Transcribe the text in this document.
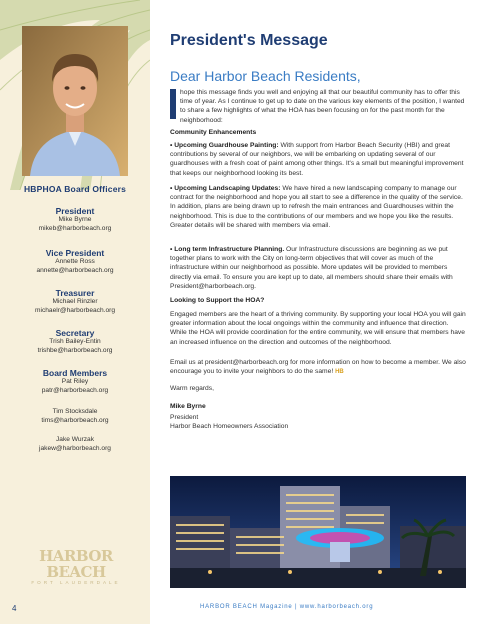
HBPHOA Board Officers
President
Mike Byrne
mikeb@harborbeach.org
Vice President
Annette Ross
annette@harborbeach.org
Treasurer
Michael Rinzler
michaelr@harborbeach.org
Secretary
Trish Bailey-Entin
trishbe@harborbeach.org
Board Members
Pat Riley
patr@harborbeach.org
Tim Stocksdale
tims@harborbeach.org
Jake Wurzak
jakew@harborbeach.org
HARBOR BEACH
FORT LAUDERDALE
4
President's Message
Dear Harbor Beach Residents,
hope this message finds you well and enjoying all that our beautiful community has to offer this time of year. As I continue to get up to date on the various key elements of the position, I wanted to share a few highlights of what the HOA has been focusing on for the past month for the neighborhood:
Community Enhancements
• Upcoming Guardhouse Painting: With support from Harbor Beach Security (HBI) and great contributions by several of our neighbors, we will be embarking on updating several of our guardhouses with a fresh coat of paint among other things. It's a small but meaningful improvement that keeps our neighborhood looking its best.
• Upcoming Landscaping Updates: We have hired a new landscaping company to manage our contract for the neighborhood and hope you all start to see a difference in the quality of the service. In addition, plans are being drawn up to refresh the main entrances and Guardhouses within the neighborhood. This is due to the contributions of our members and we hope you like the results. Greater details will be shared with members via email.
• Long term Infrastructure Planning. Our Infrastructure discussions are beginning as we put together plans to work with the City on long-term objectives that will cover as much of the infrastructure within our neighborhood as possible. More updates will be provided to members directly via email. To ensure you are kept up to date, all members should share their emails with President@harborbeach.org.
Looking to Support the HOA?
Engaged members are the heart of a thriving community. By supporting your local HOA you will gain greater information about the local ongoings within the community and influence that direction. While the HOA will provide coordination for the entire community, we will ensure that members have an increased influence on the direction and outcomes of the neighborhood.
Email us at president@harborbeach.org for more information on how to become a member. We also encourage you to invite your neighbors to do the same! HB
Warm regards,
Mike Byrne
President
Harbor Beach Homeowners Association
HARBOR BEACH Magazine | www.harborbeach.org
